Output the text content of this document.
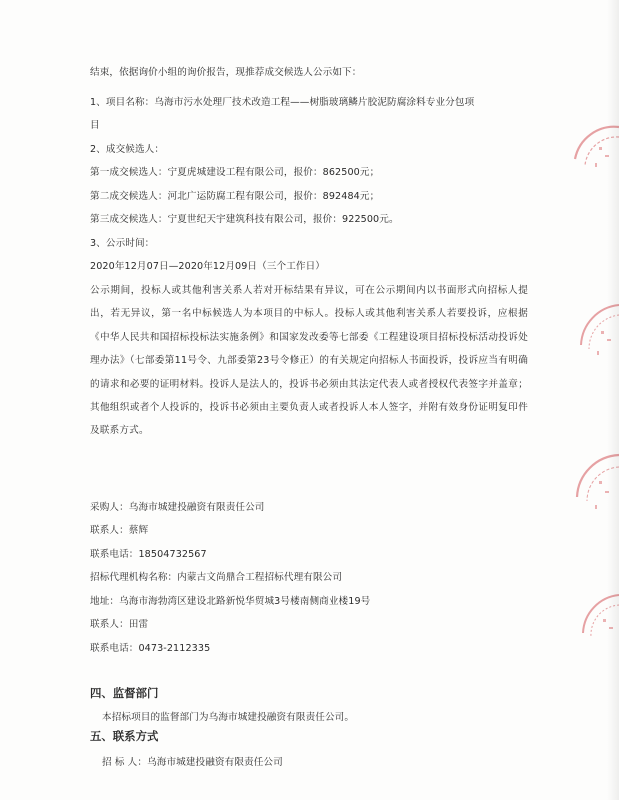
结束，依据询价小组的询价报告，现推荐成交候选人公示如下：
1、项目名称：乌海市污水处理厂技术改造工程——树脂玻璃鳞片胶泥防腐涂料专业分包项
目
2、成交候选人：
第一成交候选人：宁夏虎城建设工程有限公司，报价：862500元；
第二成交候选人：河北广运防腐工程有限公司，报价：892484元；
第三成交候选人：宁夏世纪天宇建筑科技有限公司，报价：922500元。
3、公示时间：
2020年12月07日—2020年12月09日（三个工作日）
公示期间，投标人或其他利害关系人若对开标结果有异议，可在公示期间内以书面形式向招标人提出，若无异议，第一名中标候选人为本项目的中标人。投标人或其他利害关系人若要投诉，应根据《中华人民共和国招标投标法实施条例》和国家发改委等七部委《工程建设项目招标投标活动投诉处理办法》（七部委第11号令、九部委第23号令修正）的有关规定向招标人书面投诉，投诉应当有明确的请求和必要的证明材料。投诉人是法人的，投诉书必须由其法定代表人或者授权代表签字并盖章；其他组织或者个人投诉的，投诉书必须由主要负责人或者投诉人本人签字，并附有效身份证明复印件及联系方式。
采购人：乌海市城建投融资有限责任公司
联系人：蔡辉
联系电话：18504732567
招标代理机构名称：内蒙古文尚鼎合工程招标代理有限公司
地址：乌海市海勃湾区建设北路新悦华贸城3号楼南侧商业楼19号
联系人：田雷
联系电话：0473-2112335
四、监督部门
本招标项目的监督部门为乌海市城建投融资有限责任公司。
五、联系方式
招 标 人：乌海市城建投融资有限责任公司
